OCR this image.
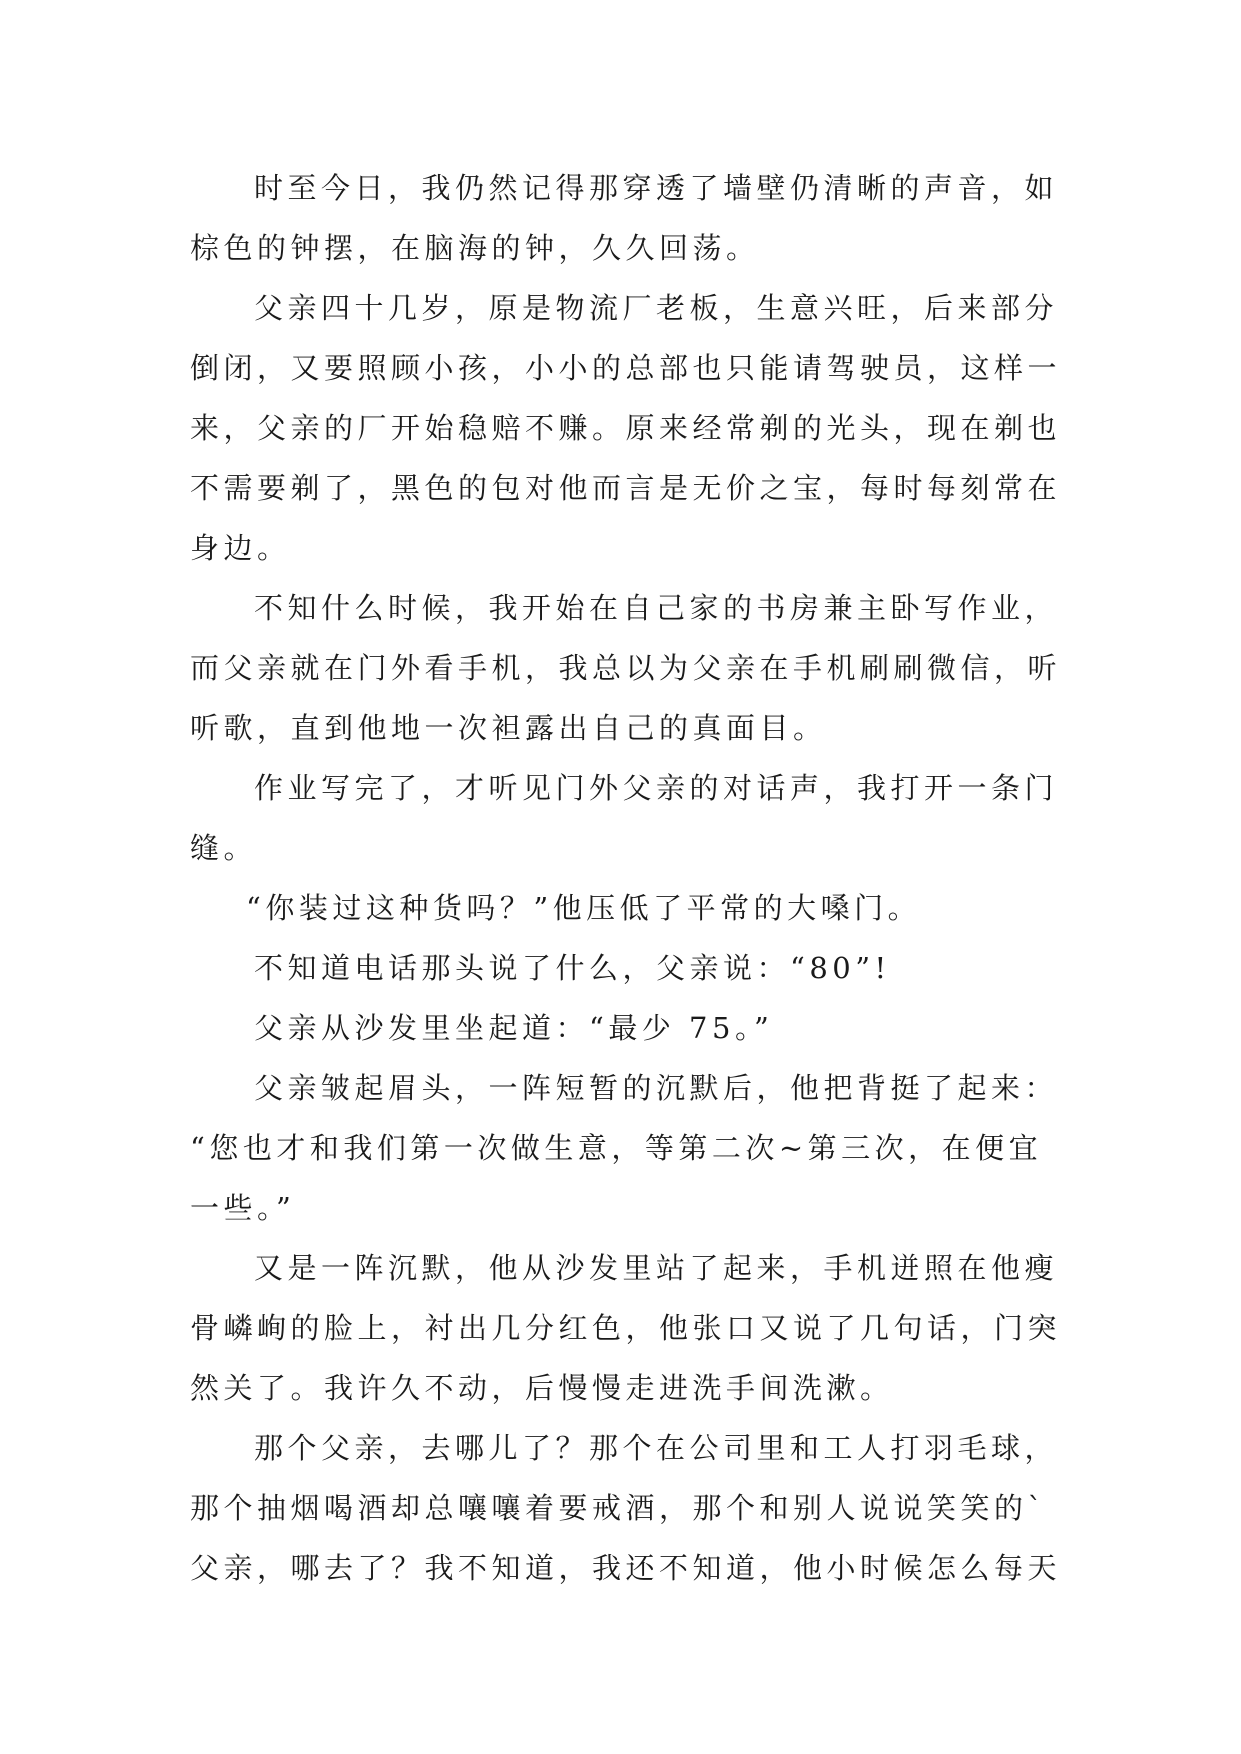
时至今日，我仍然记得那穿透了墙壁仍清晰的声音，如
棕色的钟摆，在脑海的钟，久久回荡。
父亲四十几岁，原是物流厂老板，生意兴旺，后来部分
倒闭，又要照顾小孩，小小的总部也只能请驾驶员，这样一
来，父亲的厂开始稳赔不赚。原来经常剃的光头，现在剃也
不需要剃了，黑色的包对他而言是无价之宝，每时每刻常在
身边。
不知什么时候，我开始在自己家的书房兼主卧写作业，
而父亲就在门外看手机，我总以为父亲在手机刷刷微信，听
听歌，直到他地一次袒露出自己的真面目。
作业写完了，才听见门外父亲的对话声，我打开一条门
缝。
“你装过这种货吗？”他压低了平常的大嗓门。
不知道电话那头说了什么，父亲说：“80”!
父亲从沙发里坐起道：“最少 75。”
父亲皱起眉头，一阵短暂的沉默后，他把背挺了起来：
“您也才和我们第一次做生意，等第二次~第三次，在便宜
一些。”
又是一阵沉默，他从沙发里站了起来，手机迸照在他瘦
骨嶙峋的脸上，衬出几分红色，他张口又说了几句话，门突
然关了。我许久不动，后慢慢走进洗手间洗漱。
那个父亲，去哪儿了？那个在公司里和工人打羽毛球，
那个抽烟喝酒却总嚷嚷着要戒酒，那个和别人说说笑笑的`
父亲，哪去了？我不知道，我还不知道，他小时候怎么每天
